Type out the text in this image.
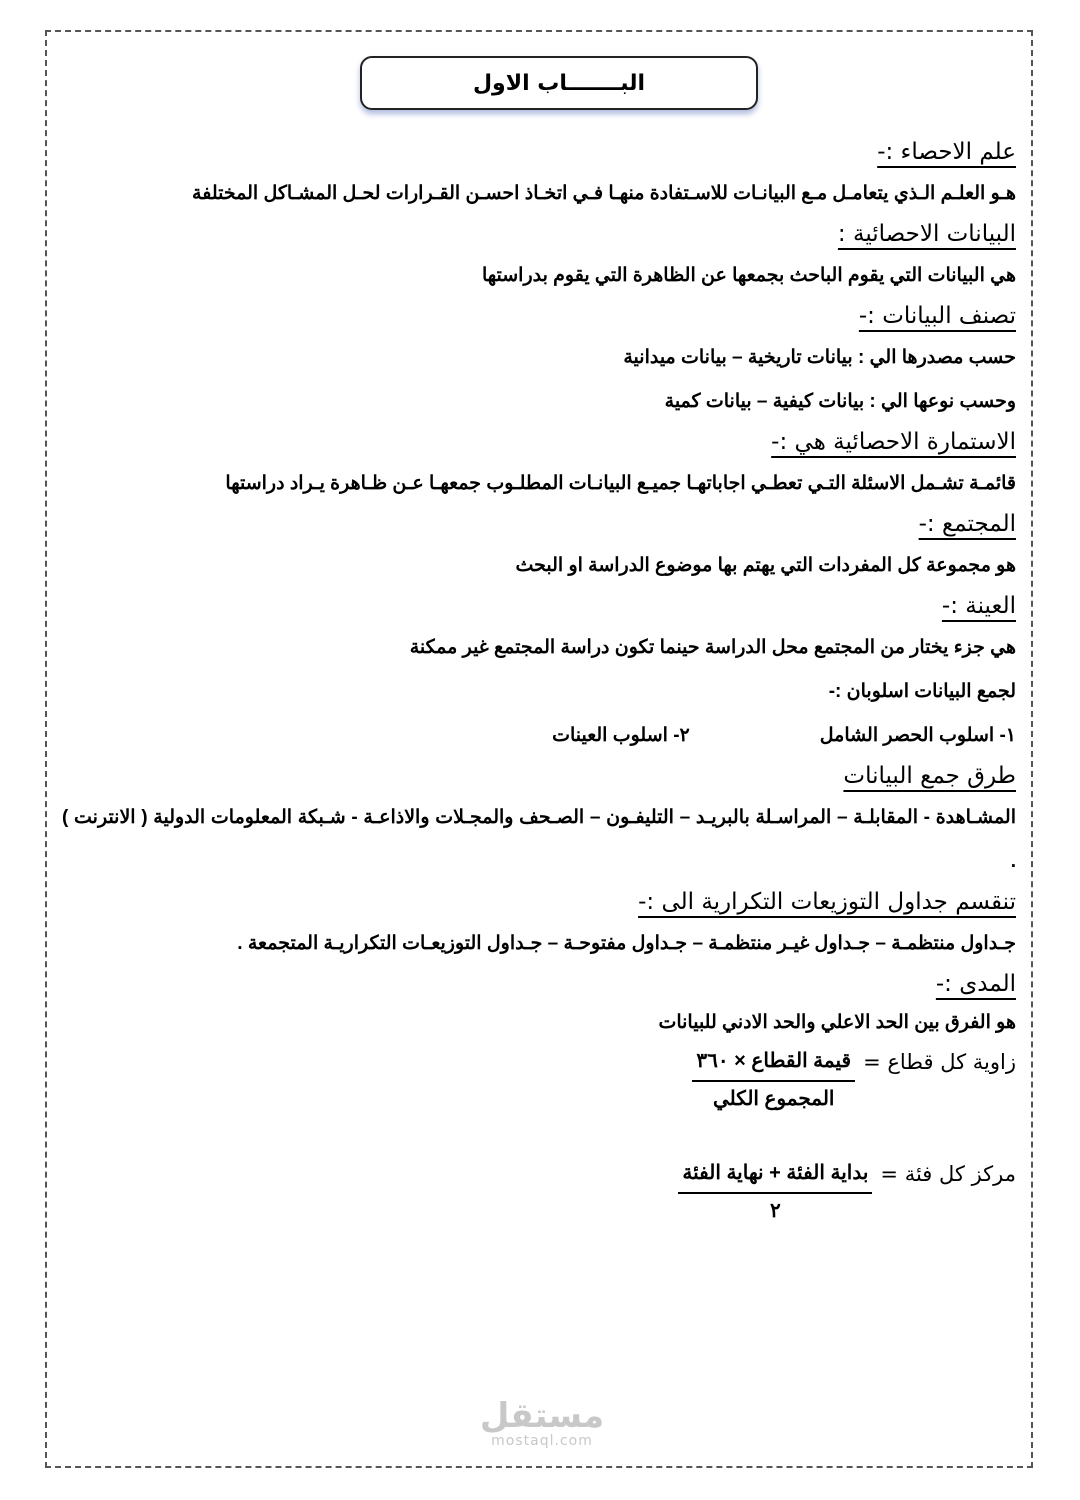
البـــــــاب الاول

علم الاحصاء :-

هـو العلـم الـذي يتعامـل مـع البيانـات للاسـتفادة منهـا فـي اتخـاذ احسـن القـرارات لحـل المشـاكل المختلفة

البيانات الاحصائية :

هي البيانات التي يقوم الباحث بجمعها عن الظاهرة التي يقوم بدراستها

تصنف البيانات :-

حسب مصدرها الي : بيانات تاريخية – بيانات ميدانية

وحسب نوعها الي : بيانات كيفية – بيانات كمية

الاستمارة الاحصائية هي :-

قائمـة تشـمل الاسئلة التـي تعطـي اجاباتهـا جميـع البيانـات المطلـوب جمعهـا عـن ظـاهرة يـراد دراستها

المجتمع :-

هو مجموعة كل المفردات التي يهتم بها موضوع الدراسة او البحث

العينة :-

هي جزء يختار من المجتمع محل الدراسة حينما تكون دراسة المجتمع غير ممكنة

لجمع البيانات اسلوبان :-

١- اسلوب الحصر الشامل
٢- اسلوب العينات

طرق جمع البيانات

المشـاهدة - المقابلـة – المراسـلة بالبريـد – التليفـون – الصـحف والمجـلات والاذاعـة - شـبكة المعلومات الدولية ( الانترنت ) .

تنقسم جداول التوزيعات التكرارية الى :-

جـداول منتظمـة – جـداول غيـر منتظمـة – جـداول مفتوحـة – جـداول التوزيعـات التكراريـة المتجمعة .

المدى :-

هو الفرق بين الحد الاعلي والحد الادني للبيانات

زاوية كل قطاع =
$\frac{\text{قيمة القطاع × ٣٦٠}}{\text{المجموع الكلي}}$
مركز كل فئة =
$\frac{\text{بداية الفئة + نهاية الفئة}}{٢}$
مستقل
mostaql.com
